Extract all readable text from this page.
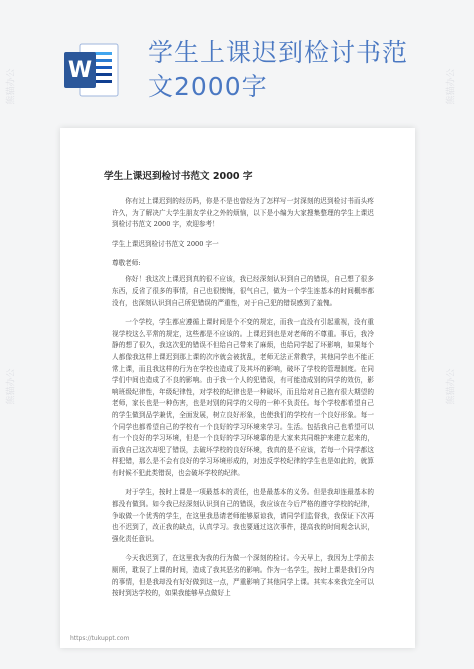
W
学生上课迟到检讨书范
文2000字
学生上课迟到检讨书范文 2000 字

你有过上课迟到的经历吗，你是不是也曾经为了怎样写一封深刻的迟到检讨书而头疼许久，为了解决广大学生朋友学业之外的烦恼，以下是小编为大家搜集整理的学生上课迟到检讨书范文 2000 字，欢迎参考！

学生上课迟到检讨书范文 2000 字一

尊敬老师:

你好！我这次上课迟到真的很不应该，我已经深刻认识到自己的错误，自己想了很多东西，反省了很多的事情，自己也很懊悔，很气自己，做为一个学生连基本的时间概率都没有，也深刻认识到自己所犯错误的严重性，对于自己犯的错误感到了羞愧。

一个学校，学生都应遵循上课时间是个不变的规定，而我一直没有引起重视，没有重视学校这么平常的规定，这些都是不应该的。上课迟到也是对老师的不尊重。事后，我冷静的想了很久，我这次犯的错误不但给自己带来了麻烦，也给同学起了坏影响，如果每个人都像我这样上课迟到那上课的次序就会被扰乱，老师无法正常教学，其他同学也不能正常上课，而且我这样的行为在学校也造成了及其坏的影响，破坏了学校的管理制度。在同学们中间也造成了不良的影响。由于我一个人的犯错误，有可能造成别的同学的效仿，影响班级纪律性，年级纪律性，对学校的纪律也是一种破坏，而且给对自己抱有很大期望的老师，家长也是一种伤害，也是对别的同学的父母的一种不负责任。每个学校都希望自己的学生做到品学兼优，全面发展，树立良好形象，也使我们的学校有一个良好形象。每一个同学也都希望自己的学校有一个良好的学习环境来学习。生活。包括我自己也希望可以有一个良好的学习环境，但是一个良好的学习环境靠的是大家来共同维护来建立起来的，而我自己这次却犯了错误，去破坏学校的良好环境，我真的是不应该，若每一个同学都这样犯错，那么是不会有良好的学习环境形成的，对违反学校纪律的学生也是如此的，就算有时候不犯此类错误，也会破坏学校的纪律。

对于学生，按时上课是一项最基本的责任，也是最基本的义务。但是我却连最基本的都没有做到。如今我已经深刻认识到自己的错误，我应该在今后严格的遵守学校的纪律，争取做一个优秀的学生，在这里我恳请老师能够原谅我，请同学们监督我，我保证下次再也不迟到了，改正我的缺点，认真学习。我也要通过这次事件，提高我的时间观念认识，强化责任意识。

今天我迟到了，在这里我为我的行为做一个深刻的检讨。今天早上，我因为上学前去厕所，耽误了上课的时间，造成了我其恶劣的影响。作为一名学生，按时上课是我们分内的事情，但是我却没有好好做到这一点，严重影响了其他同学上课。其实本来我完全可以按时到达学校的，如果我能够早点做好上

https://tukuppt.com
熊猫办公
熊猫办公
熊猫办公
熊猫办公
